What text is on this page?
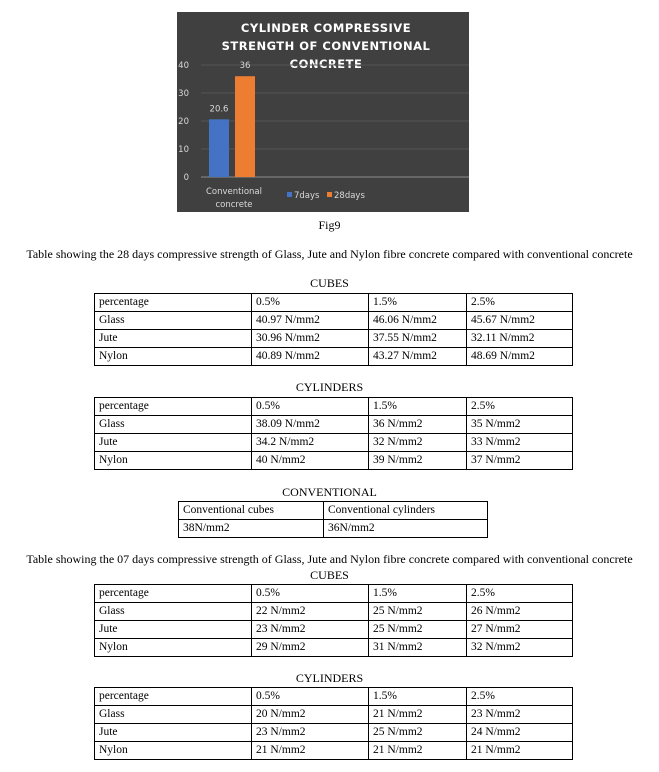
CYLINDER COMPRESSIVE
STRENGTH OF CONVENTIONAL
CONCRETE
0
10
20
30
40
20.6
36
Conventional
concrete
7days 28days
Fig9
Table showing the 28 days compressive strength of Glass, Jute and Nylon fibre concrete compared with conventional concrete
CUBES
percentage	0.5%	1.5%	2.5%
Glass	40.97 N/mm2	46.06 N/mm2	45.67 N/mm2
Jute	30.96 N/mm2	37.55 N/mm2	32.11 N/mm2
Nylon	40.89 N/mm2	43.27 N/mm2	48.69 N/mm2
CYLINDERS
percentage	0.5%	1.5%	2.5%
Glass	38.09 N/mm2	36 N/mm2	35 N/mm2
Jute	34.2 N/mm2	32 N/mm2	33 N/mm2
Nylon	40 N/mm2	39 N/mm2	37 N/mm2
CONVENTIONAL
Conventional cubes	Conventional cylinders
38N/mm2	36N/mm2
Table showing the 07 days compressive strength of Glass, Jute and Nylon fibre concrete compared with conventional concrete
CUBES
percentage	0.5%	1.5%	2.5%
Glass	22 N/mm2	25 N/mm2	26 N/mm2
Jute	23 N/mm2	25 N/mm2	27 N/mm2
Nylon	29 N/mm2	31 N/mm2	32 N/mm2
CYLINDERS
percentage	0.5%	1.5%	2.5%
Glass	20 N/mm2	21 N/mm2	23 N/mm2
Jute	23 N/mm2	25 N/mm2	24 N/mm2
Nylon	21 N/mm2	21 N/mm2	21 N/mm2
